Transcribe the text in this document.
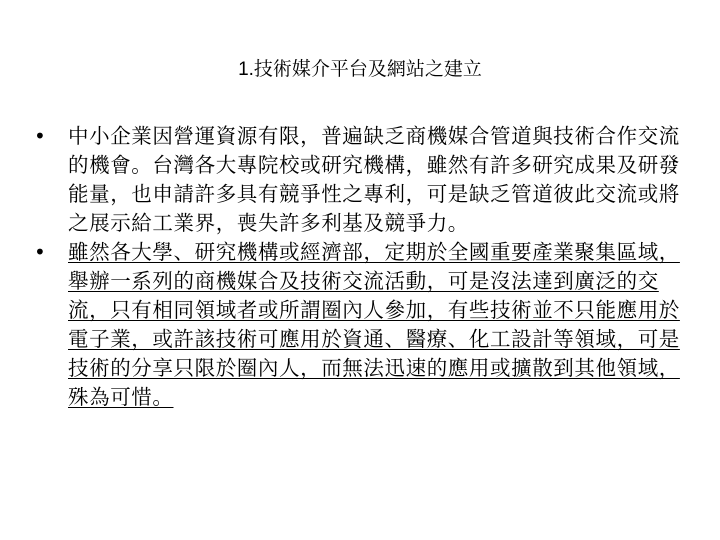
1.技術媒介平台及網站之建立
•	中小企業因營運資源有限，普遍缺乏商機媒合管道與技術合作交流的機會。台灣各大專院校或研究機構，雖然有許多研究成果及研發能量，也申請許多具有競爭性之專利，可是缺乏管道彼此交流或將之展示給工業界，喪失許多利基及競爭力。
•	雖然各大學、研究機構或經濟部，定期於全國重要產業聚集區域，舉辦一系列的商機媒合及技術交流活動，可是沒法達到廣泛的交流，只有相同領域者或所謂圈內人參加，有些技術並不只能應用於電子業，或許該技術可應用於資通、醫療、化工設計等領域，可是技術的分享只限於圈內人，而無法迅速的應用或擴散到其他領域，殊為可惜。
